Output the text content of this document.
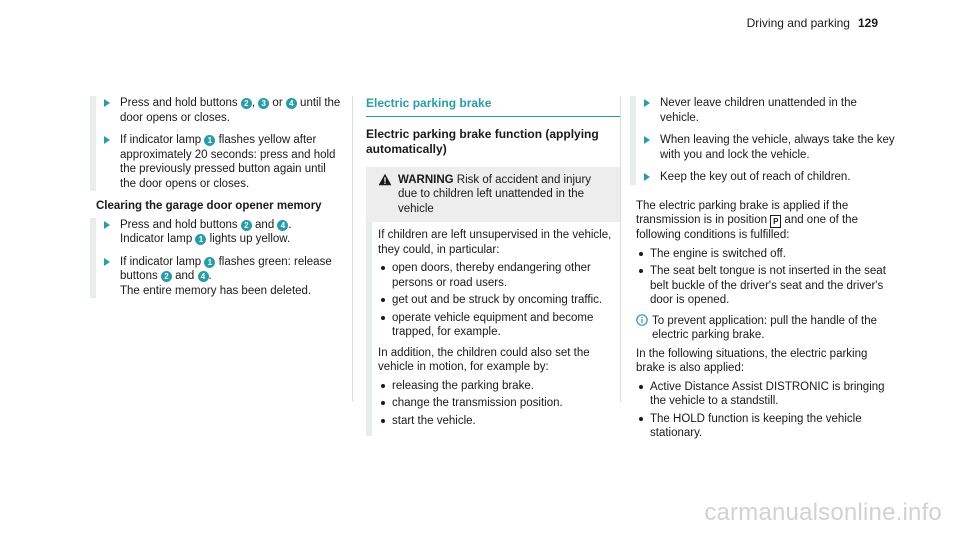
Driving and parking 129
Press and hold buttons 2 , 3 or 4 until the door opens or closes.
If indicator lamp 1 flashes yellow after approximately 20 seconds: press and hold the previously pressed button again until the door opens or closes.
Clearing the garage door opener memory
Press and hold buttons 2 and 4 .
Indicator lamp 1 lights up yellow.
If indicator lamp 1 flashes green: release buttons 2 and 4 .
The entire memory has been deleted.
Electric parking brake
Electric parking brake function (applying automatically)
WARNING Risk of accident and injury due to children left unattended in the vehicle

If children are left unsupervised in the vehicle, they could, in particular:

open doors, thereby endangering other persons or road users.
get out and be struck by oncoming traffic.
operate vehicle equipment and become trapped, for example.

In addition, the children could also set the vehicle in motion, for example by:

releasing the parking brake.
change the transmission position.
start the vehicle.
Never leave children unattended in the vehicle.
When leaving the vehicle, always take the key with you and lock the vehicle.
Keep the key out of reach of children.

The electric parking brake is applied if the transmission is in position P and one of the following conditions is fulfilled:

The engine is switched off.
The seat belt tongue is not inserted in the seat belt buckle of the driver's seat and the driver's door is opened.
To prevent application: pull the handle of the electric parking brake.

In the following situations, the electric parking brake is also applied:

Active Distance Assist DISTRONIC is bringing the vehicle to a standstill.
The HOLD function is keeping the vehicle stationary.
carmanualsonline.info
